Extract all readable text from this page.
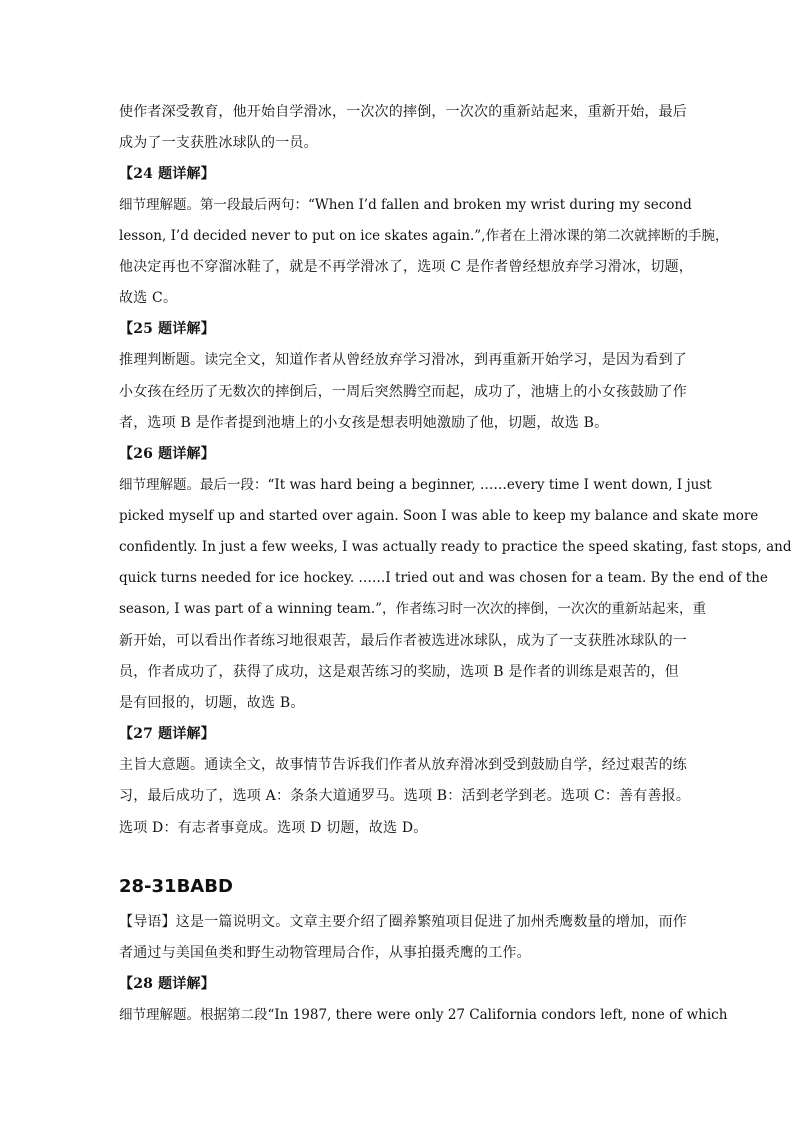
使作者深受教育，他开始自学滑冰，一次次的摔倒，一次次的重新站起来，重新开始，最后
成为了一支获胜冰球队的一员。
【24 题详解】
细节理解题。第一段最后两句：“When I’d fallen and broken my wrist during my second
lesson, I’d decided never to put on ice skates again.”,作者在上滑冰课的第二次就摔断的手腕，
他决定再也不穿溜冰鞋了，就是不再学滑冰了，选项 C 是作者曾经想放弃学习滑冰，切题，
故选 C。
【25 题详解】
推理判断题。读完全文，知道作者从曾经放弃学习滑冰，到再重新开始学习，是因为看到了
小女孩在经历了无数次的摔倒后，一周后突然腾空而起，成功了，池塘上的小女孩鼓励了作
者，选项 B 是作者提到池塘上的小女孩是想表明她激励了他，切题，故选 B。
【26 题详解】
细节理解题。最后一段：“It was hard being a beginner, ……every time I went down, I just
picked myself up and started over again. Soon I was able to keep my balance and skate more
confidently. In just a few weeks, I was actually ready to practice the speed skating, fast stops, and
quick turns needed for ice hockey. ……I tried out and was chosen for a team. By the end of the
season, I was part of a winning team.”，作者练习时一次次的摔倒，一次次的重新站起来，重
新开始，可以看出作者练习地很艰苦，最后作者被选进冰球队，成为了一支获胜冰球队的一
员，作者成功了，获得了成功，这是艰苦练习的奖励，选项 B 是作者的训练是艰苦的，但
是有回报的，切题，故选 B。
【27 题详解】
主旨大意题。通读全文，故事情节告诉我们作者从放弃滑冰到受到鼓励自学，经过艰苦的练
习，最后成功了，选项 A：条条大道通罗马。选项 B：活到老学到老。选项 C：善有善报。
选项 D：有志者事竟成。选项 D 切题，故选 D。
28-31BABD
【导语】这是一篇说明文。文章主要介绍了圈养繁殖项目促进了加州秃鹰数量的增加，而作
者通过与美国鱼类和野生动物管理局合作，从事拍摄秃鹰的工作。
【28 题详解】
细节理解题。根据第二段“In 1987, there were only 27 California condors left, none of which
